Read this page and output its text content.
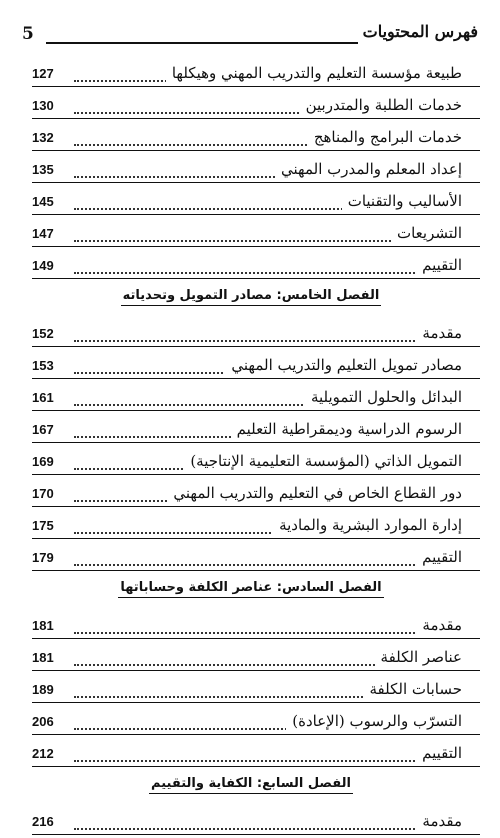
5	فهرس المحتويات
طبيعة مؤسسة التعليم والتدريب المهني وهيكلها
127
خدمات الطلبة والمتدربين
130
خدمات البرامج والمناهج
132
إعداد المعلم والمدرب المهني
135
الأساليب والتقنيات
145
التشريعات
147
التقييم
149
الفصل الخامس: مصادر التمويل وتحدياته
مقدمة
152
مصادر تمويل التعليم والتدريب المهني
153
البدائل والحلول التمويلية
161
الرسوم الدراسية وديمقراطية التعليم
167
التمويل الذاتي (المؤسسة التعليمية الإنتاجية)
169
دور القطاع الخاص في التعليم والتدريب المهني
170
إدارة الموارد البشرية والمادية
175
التقييم
179
الفصل السادس: عناصر الكلفة وحساباتها
مقدمة
181
عناصر الكلفة
181
حسابات الكلفة
189
التسرّب والرسوب (الإعادة)
206
التقييم
212
الفصل السابع: الكفاية والتقييم
مقدمة
216
